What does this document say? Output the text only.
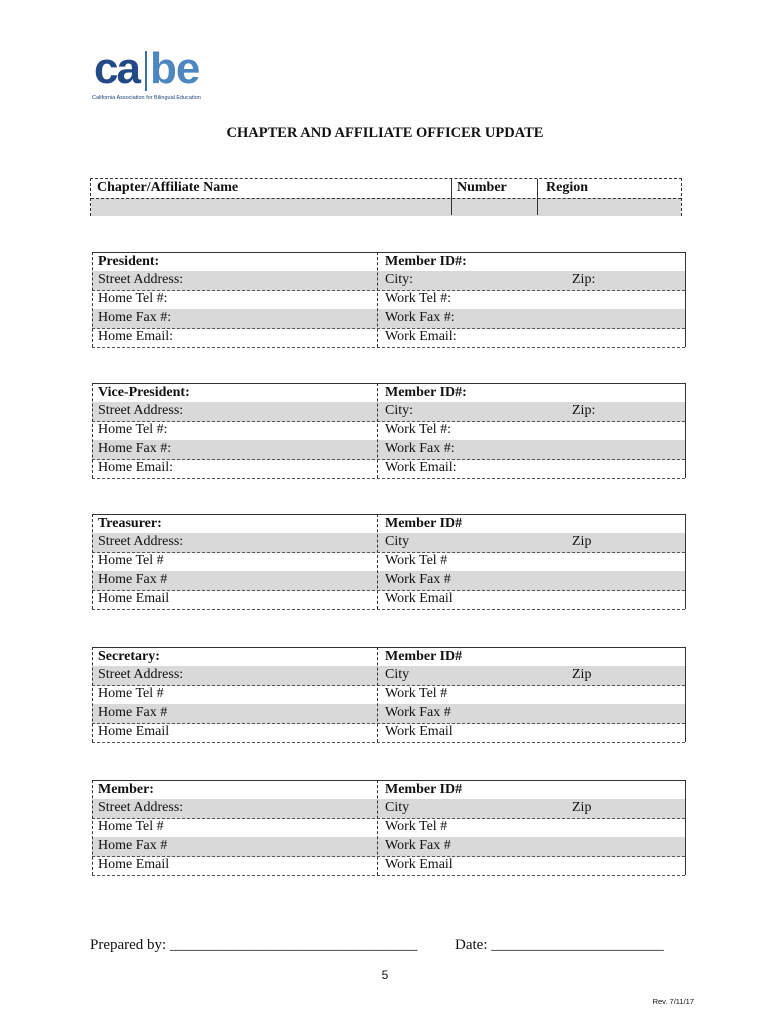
ca be
California Association for Bilingual Education
CHAPTER AND AFFILIATE OFFICER UPDATE
Chapter/Affiliate Name	Number	Region
President:	Member ID#:
Street Address:	City:	Zip:
Home Tel #:	Work Tel #:
Home Fax #:	Work Fax #:
Home Email:	Work Email:
Vice-President:	Member ID#:
Street Address:	City:	Zip:
Home Tel #:	Work Tel #:
Home Fax #:	Work Fax #:
Home Email:	Work Email:
Treasurer:	Member ID#
Street Address:	City	Zip
Home Tel #	Work Tel #
Home Fax #	Work Fax #
Home Email	Work Email
Secretary:	Member ID#
Street Address:	City	Zip
Home Tel #	Work Tel #
Home Fax #	Work Fax #
Home Email	Work Email
Member:	Member ID#
Street Address:	City	Zip
Home Tel #	Work Tel #
Home Fax #	Work Fax #
Home Email	Work Email
Prepared by: _________________________________	Date: _______________________
5
Rev. 7/11/17
